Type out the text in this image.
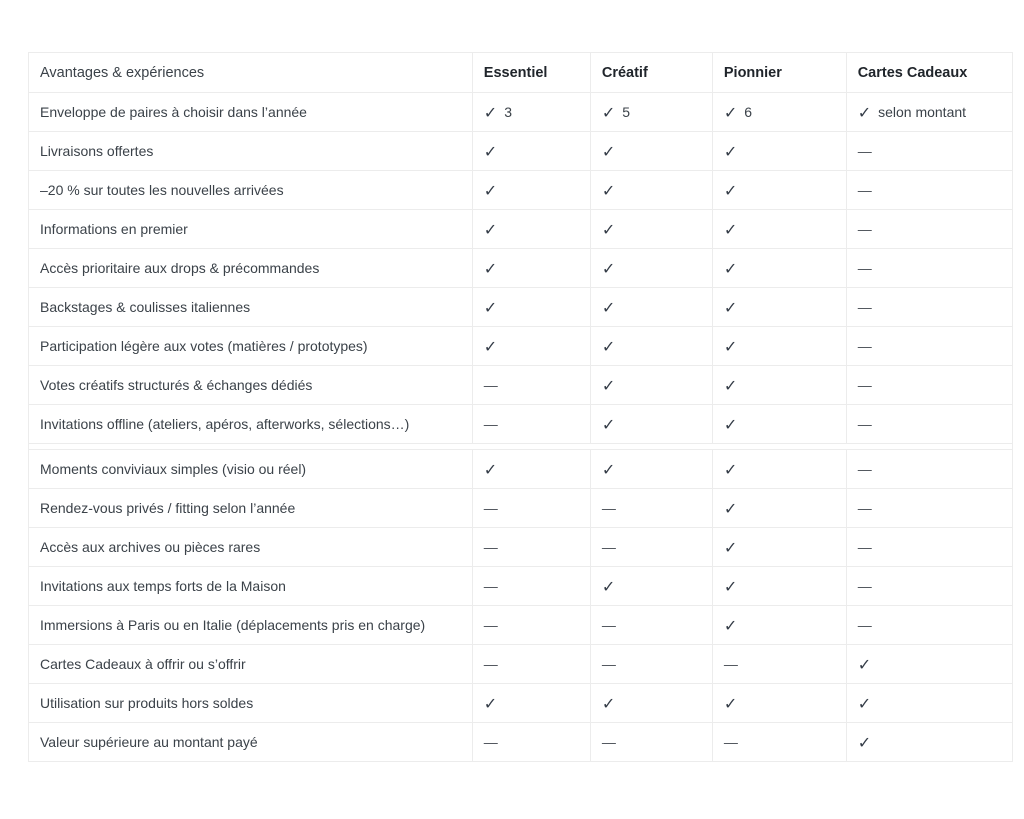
Avantages & expériences	Essentiel	Créatif	Pionnier	Cartes Cadeaux
Enveloppe de paires à choisir dans l’année	✓ 3	✓ 5	✓ 6	✓ selon montant
Livraisons offertes	✓	✓	✓	—
–20 % sur toutes les nouvelles arrivées	✓	✓	✓	—
Informations en premier	✓	✓	✓	—
Accès prioritaire aux drops & précommandes	✓	✓	✓	—
Backstages & coulisses italiennes	✓	✓	✓	—
Participation légère aux votes (matières / prototypes)	✓	✓	✓	—
Votes créatifs structurés & échanges dédiés	—	✓	✓	—
Invitations offline (ateliers, apéros, afterworks, sélections…)	—	✓	✓	—

Moments conviviaux simples (visio ou réel)	✓	✓	✓	—
Rendez-vous privés / fitting selon l’année	—	—	✓	—
Accès aux archives ou pièces rares	—	—	✓	—
Invitations aux temps forts de la Maison	—	✓	✓	—
Immersions à Paris ou en Italie (déplacements pris en charge)	—	—	✓	—
Cartes Cadeaux à offrir ou s’offrir	—	—	—	✓
Utilisation sur produits hors soldes	✓	✓	✓	✓
Valeur supérieure au montant payé	—	—	—	✓
